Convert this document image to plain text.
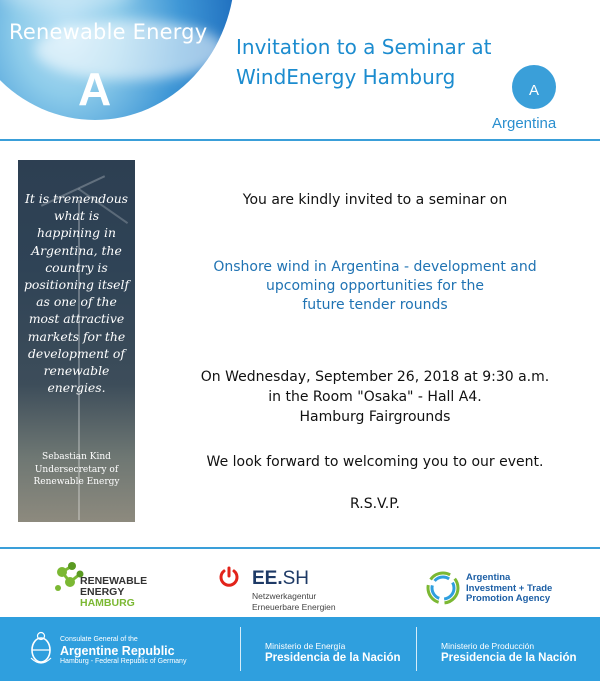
Renewable Energy
A
Invitation to a Seminar at
WindEnergy Hamburg
A
Argentina
It is tremendous what is happining in Argentina, the country is positioning itself as one of the most attractive markets for the development of renewable energies.
Sebastian Kind
Undersecretary of
Renewable Energy
You are kindly invited to a seminar on
Onshore wind in Argentina - development and
upcoming opportunities for the
future tender rounds
On Wednesday, September 26, 2018 at 9:30 a.m.
in the Room "Osaka" - Hall A4.
Hamburg Fairgrounds
We look forward to welcoming you to our event.
R.S.V.P.
RENEWABLE
ENERGY
HAMBURG
EE.SH
Netzwerkagentur
Erneuerbare Energien
Argentina
Investment + Trade
Promotion Agency
Consulate General of the
Argentine Republic
Hamburg - Federal Republic of Germany
Ministerio de Energía
Presidencia de la Nación
Ministerio de Producción
Presidencia de la Nación
